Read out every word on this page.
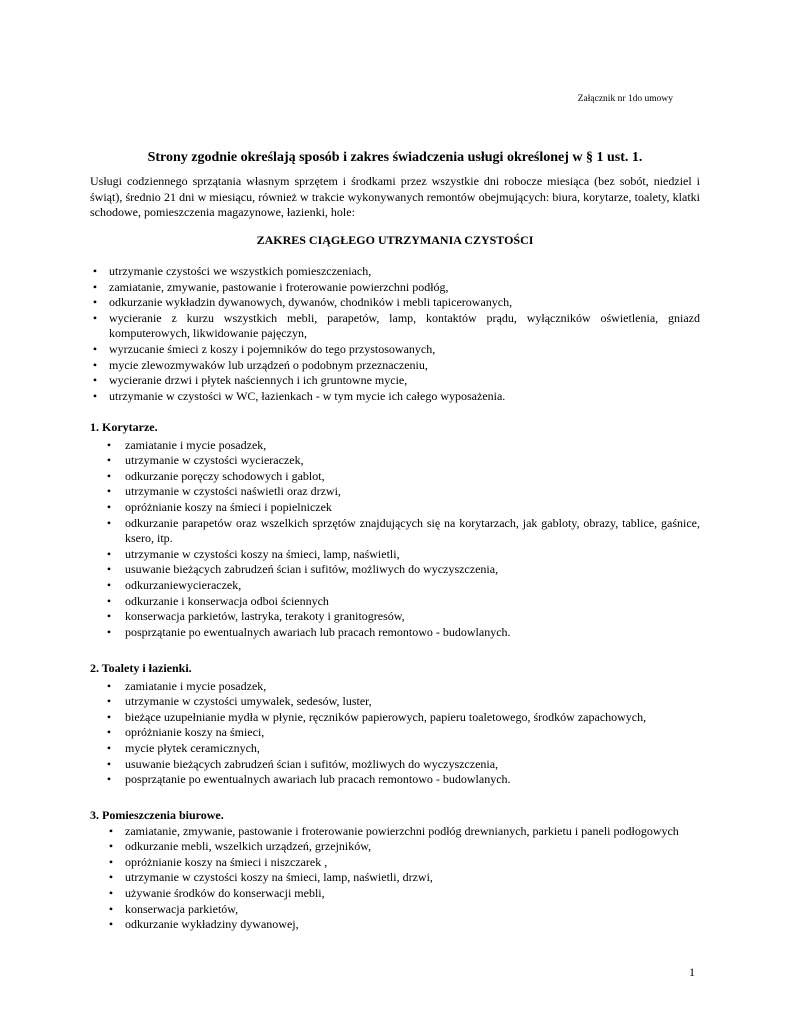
Załącznik nr 1do umowy
Strony zgodnie określają sposób i zakres świadczenia usługi określonej w § 1 ust. 1.
Usługi codziennego sprzątania własnym sprzętem i środkami przez wszystkie dni robocze miesiąca (bez sobót, niedziel i świąt), średnio 21 dni w miesiącu, również w trakcie wykonywanych remontów obejmujących: biura, korytarze, toalety, klatki schodowe, pomieszczenia magazynowe, łazienki, hole:
ZAKRES CIĄGŁEGO UTRZYMANIA CZYSTOŚCI
• utrzymanie czystości we wszystkich pomieszczeniach,
• zamiatanie, zmywanie, pastowanie i froterowanie powierzchni podłóg,
• odkurzanie wykładzin dywanowych, dywanów, chodników i mebli tapicerowanych,
• wycieranie z kurzu wszystkich mebli, parapetów, lamp, kontaktów prądu, wyłączników oświetlenia, gniazd komputerowych, likwidowanie pajęczyn,
• wyrzucanie śmieci z koszy i pojemników do tego przystosowanych,
• mycie zlewozmywaków lub urządzeń o podobnym przeznaczeniu,
• wycieranie drzwi i płytek naściennych i ich gruntowne mycie,
• utrzymanie w czystości w WC, łazienkach - w tym mycie ich całego wyposażenia.
1. Korytarze.
• zamiatanie i mycie posadzek,
• utrzymanie w czystości wycieraczek,
• odkurzanie poręczy schodowych i gablot,
• utrzymanie w czystości naświetli oraz drzwi,
• opróżnianie koszy na śmieci i popielniczek
• odkurzanie parapetów oraz wszelkich sprzętów znajdujących się na korytarzach, jak gabloty, obrazy, tablice, gaśnice, ksero, itp.
• utrzymanie w czystości koszy na śmieci, lamp, naświetli,
• usuwanie bieżących zabrudzeń ścian i sufitów, możliwych do wyczyszczenia,
• odkurzaniewycieraczek,
• odkurzanie i konserwacja odboi ściennych
• konserwacja parkietów, lastryka, terakoty i granitogresów,
• posprzątanie po ewentualnych awariach lub pracach remontowo - budowlanych.
2. Toalety i łazienki.
• zamiatanie i mycie posadzek,
• utrzymanie w czystości umywalek, sedesów, luster,
• bieżące uzupełnianie mydła w płynie, ręczników papierowych, papieru toaletowego, środków zapachowych,
• opróżnianie koszy na śmieci,
• mycie płytek ceramicznych,
• usuwanie bieżących zabrudzeń ścian i sufitów, możliwych do wyczyszczenia,
• posprzątanie po ewentualnych awariach lub pracach remontowo - budowlanych.
3. Pomieszczenia biurowe.
• zamiatanie, zmywanie, pastowanie i froterowanie powierzchni podłóg drewnianych, parkietu i paneli podłogowych
• odkurzanie mebli, wszelkich urządzeń, grzejników,
• opróżnianie koszy na śmieci i niszczarek ,
• utrzymanie w czystości koszy na śmieci, lamp, naświetli, drzwi,
• używanie środków do konserwacji mebli,
• konserwacja parkietów,
• odkurzanie wykładziny dywanowej,
1
